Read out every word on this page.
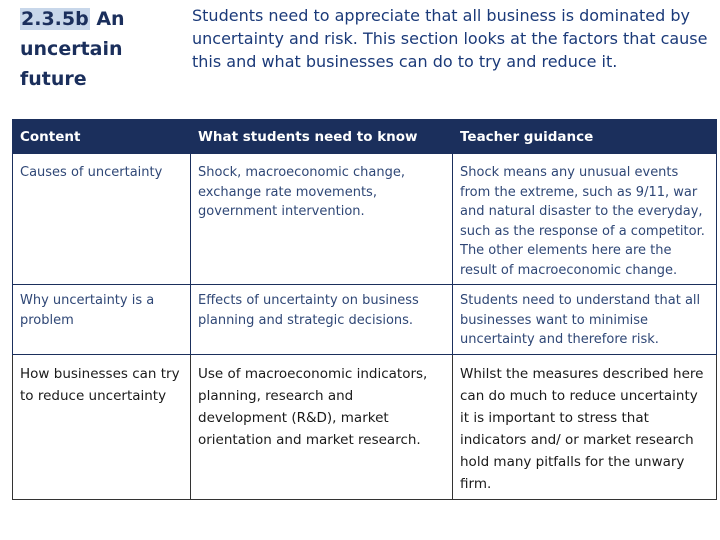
2.3.5b An uncertain future
Students need to appreciate that all business is dominated by uncertainty and risk. This section looks at the factors that cause this and what businesses can do to try and reduce it.
Content	What students need to know	Teacher guidance
Causes of uncertainty	Shock, macroeconomic change, exchange rate movements, government intervention.	Shock means any unusual events from the extreme, such as 9/11, war and natural disaster to the everyday, such as the response of a competitor. The other elements here are the result of macroeconomic change.
Why uncertainty is a problem	Effects of uncertainty on business planning and strategic decisions.	Students need to understand that all businesses want to minimise uncertainty and therefore risk.
How businesses can try to reduce uncertainty	Use of macroeconomic indicators, planning, research and development (R&D), market orientation and market research.	Whilst the measures described here can do much to reduce uncertainty it is important to stress that indicators and/ or market research hold many pitfalls for the unwary firm.
